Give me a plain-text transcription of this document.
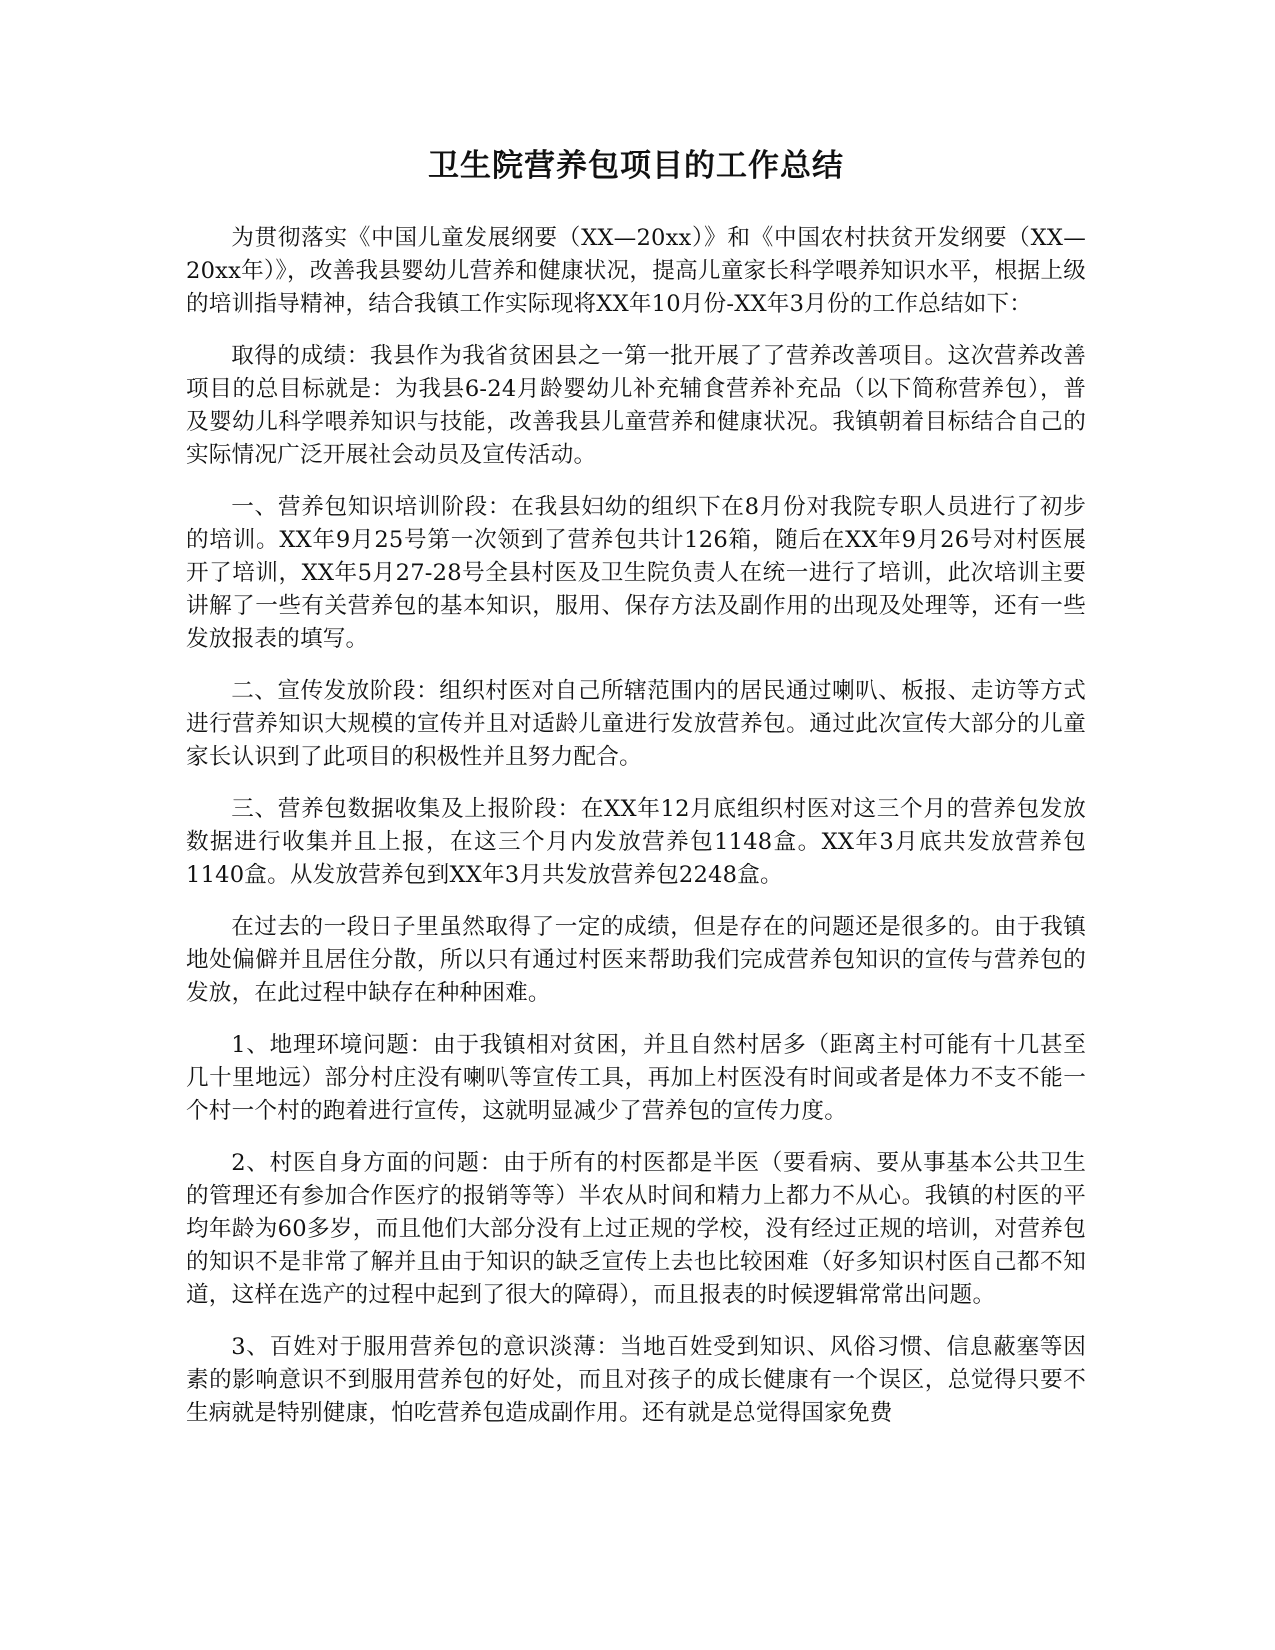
卫生院营养包项目的工作总结

为贯彻落实《中国儿童发展纲要（XX—20xx）》和《中国农村扶贫开发纲要（XX—20xx年）》，改善我县婴幼儿营养和健康状况，提高儿童家长科学喂养知识水平，根据上级的培训指导精神，结合我镇工作实际现将XX年10月份-XX年3月份的工作总结如下：

取得的成绩：我县作为我省贫困县之一第一批开展了了营养改善项目。这次营养改善项目的总目标就是：为我县6-24月龄婴幼儿补充辅食营养补充品（以下简称营养包），普及婴幼儿科学喂养知识与技能，改善我县儿童营养和健康状况。我镇朝着目标结合自己的实际情况广泛开展社会动员及宣传活动。

一、营养包知识培训阶段：在我县妇幼的组织下在8月份对我院专职人员进行了初步的培训。XX年9月25号第一次领到了营养包共计126箱，随后在XX年9月26号对村医展开了培训，XX年5月27-28号全县村医及卫生院负责人在统一进行了培训，此次培训主要讲解了一些有关营养包的基本知识，服用、保存方法及副作用的出现及处理等，还有一些发放报表的填写。

二、宣传发放阶段：组织村医对自己所辖范围内的居民通过喇叭、板报、走访等方式进行营养知识大规模的宣传并且对适龄儿童进行发放营养包。通过此次宣传大部分的儿童家长认识到了此项目的积极性并且努力配合。

三、营养包数据收集及上报阶段：在XX年12月底组织村医对这三个月的营养包发放数据进行收集并且上报，在这三个月内发放营养包1148盒。XX年3月底共发放营养包1140盒。从发放营养包到XX年3月共发放营养包2248盒。

在过去的一段日子里虽然取得了一定的成绩，但是存在的问题还是很多的。由于我镇地处偏僻并且居住分散，所以只有通过村医来帮助我们完成营养包知识的宣传与营养包的发放，在此过程中缺存在种种困难。

1、地理环境问题：由于我镇相对贫困，并且自然村居多（距离主村可能有十几甚至几十里地远）部分村庄没有喇叭等宣传工具，再加上村医没有时间或者是体力不支不能一个村一个村的跑着进行宣传，这就明显减少了营养包的宣传力度。

2、村医自身方面的问题：由于所有的村医都是半医（要看病、要从事基本公共卫生的管理还有参加合作医疗的报销等等）半农从时间和精力上都力不从心。我镇的村医的平均年龄为60多岁，而且他们大部分没有上过正规的学校，没有经过正规的培训，对营养包的知识不是非常了解并且由于知识的缺乏宣传上去也比较困难（好多知识村医自己都不知道，这样在选产的过程中起到了很大的障碍），而且报表的时候逻辑常常出问题。

3、百姓对于服用营养包的意识淡薄：当地百姓受到知识、风俗习惯、信息蔽塞等因素的影响意识不到服用营养包的好处，而且对孩子的成长健康有一个误区，总觉得只要不生病就是特别健康，怕吃营养包造成副作用。还有就是总觉得国家免费
